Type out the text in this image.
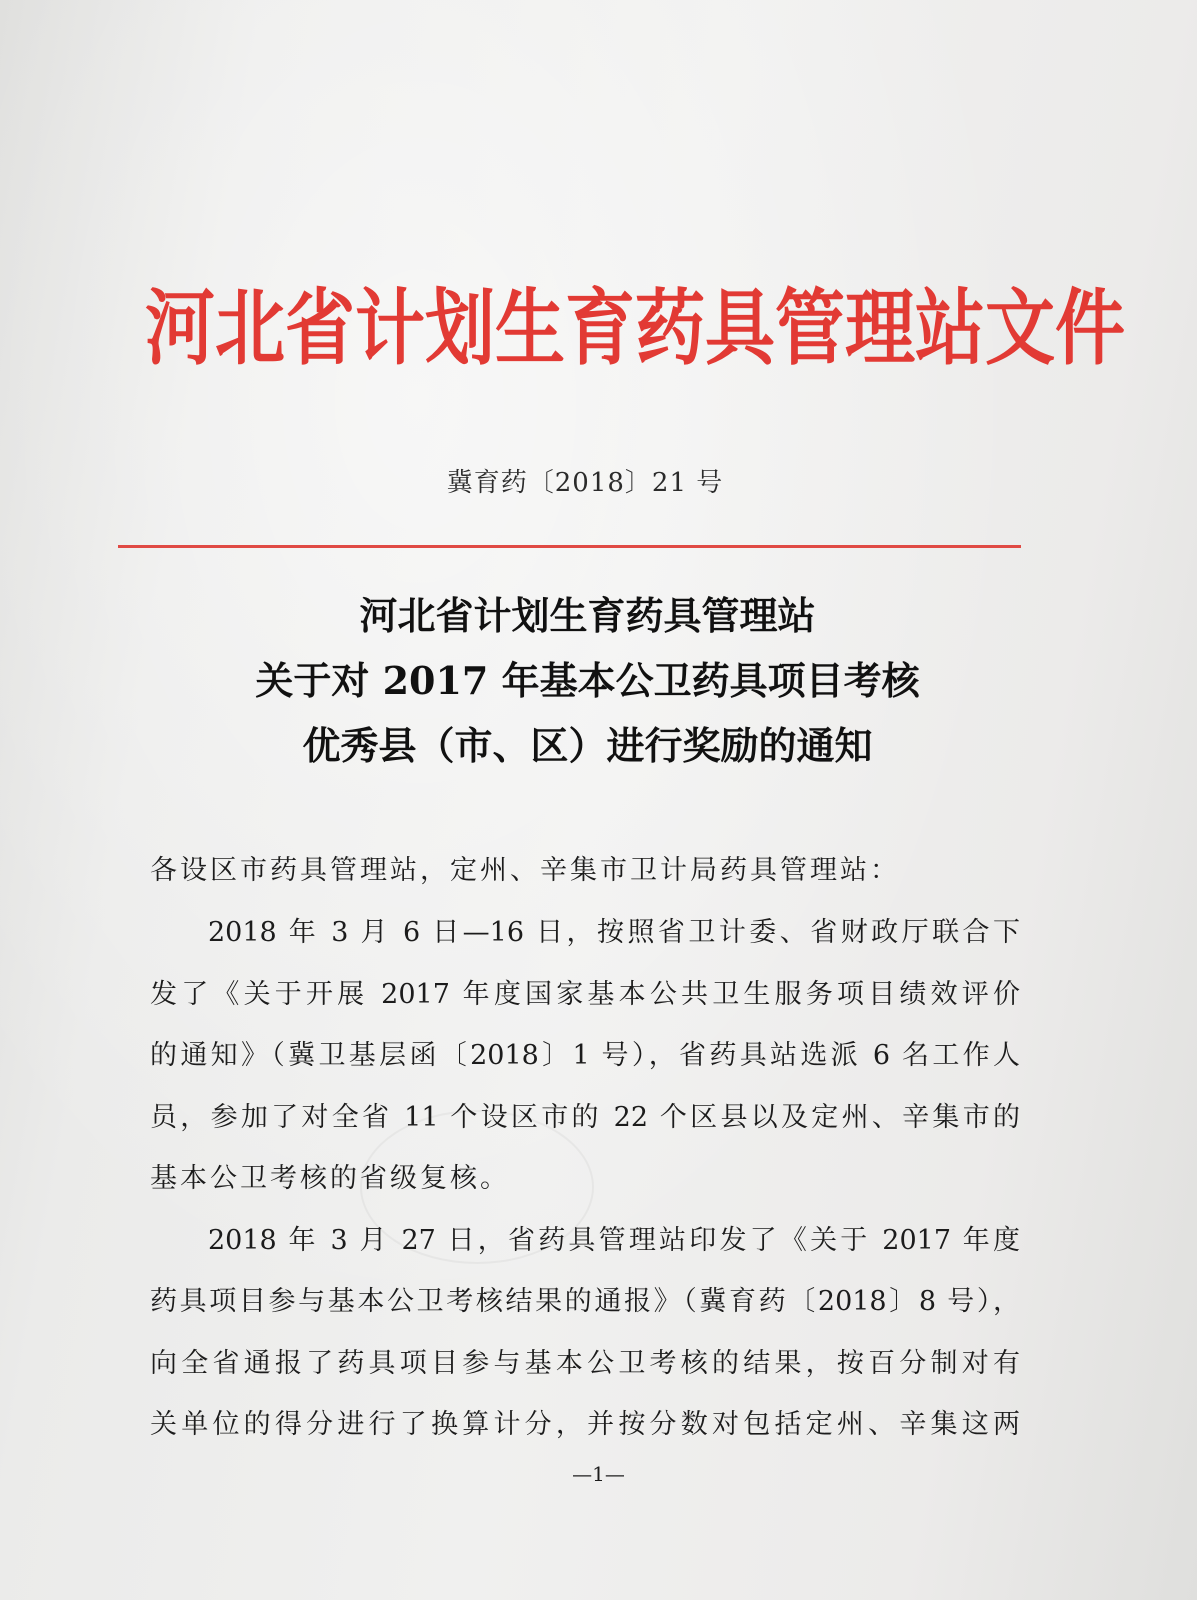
河北省计划生育药具管理站文件
冀育药〔2018〕21 号
河北省计划生育药具管理站
关于对 2017 年基本公卫药具项目考核
优秀县（市、区）进行奖励的通知
各设区市药具管理站，定州、辛集市卫计局药具管理站：
2018 年 3 月 6 日—16 日，按照省卫计委、省财政厅联合下
发了《关于开展 2017 年度国家基本公共卫生服务项目绩效评价
的通知》（冀卫基层函〔2018〕1 号），省药具站选派 6 名工作人
员，参加了对全省 11 个设区市的 22 个区县以及定州、辛集市的
基本公卫考核的省级复核。
2018 年 3 月 27 日，省药具管理站印发了《关于 2017 年度
药具项目参与基本公卫考核结果的通报》（冀育药〔2018〕8 号），
向全省通报了药具项目参与基本公卫考核的结果，按百分制对有
关单位的得分进行了换算计分，并按分数对包括定州、辛集这两
—1—
